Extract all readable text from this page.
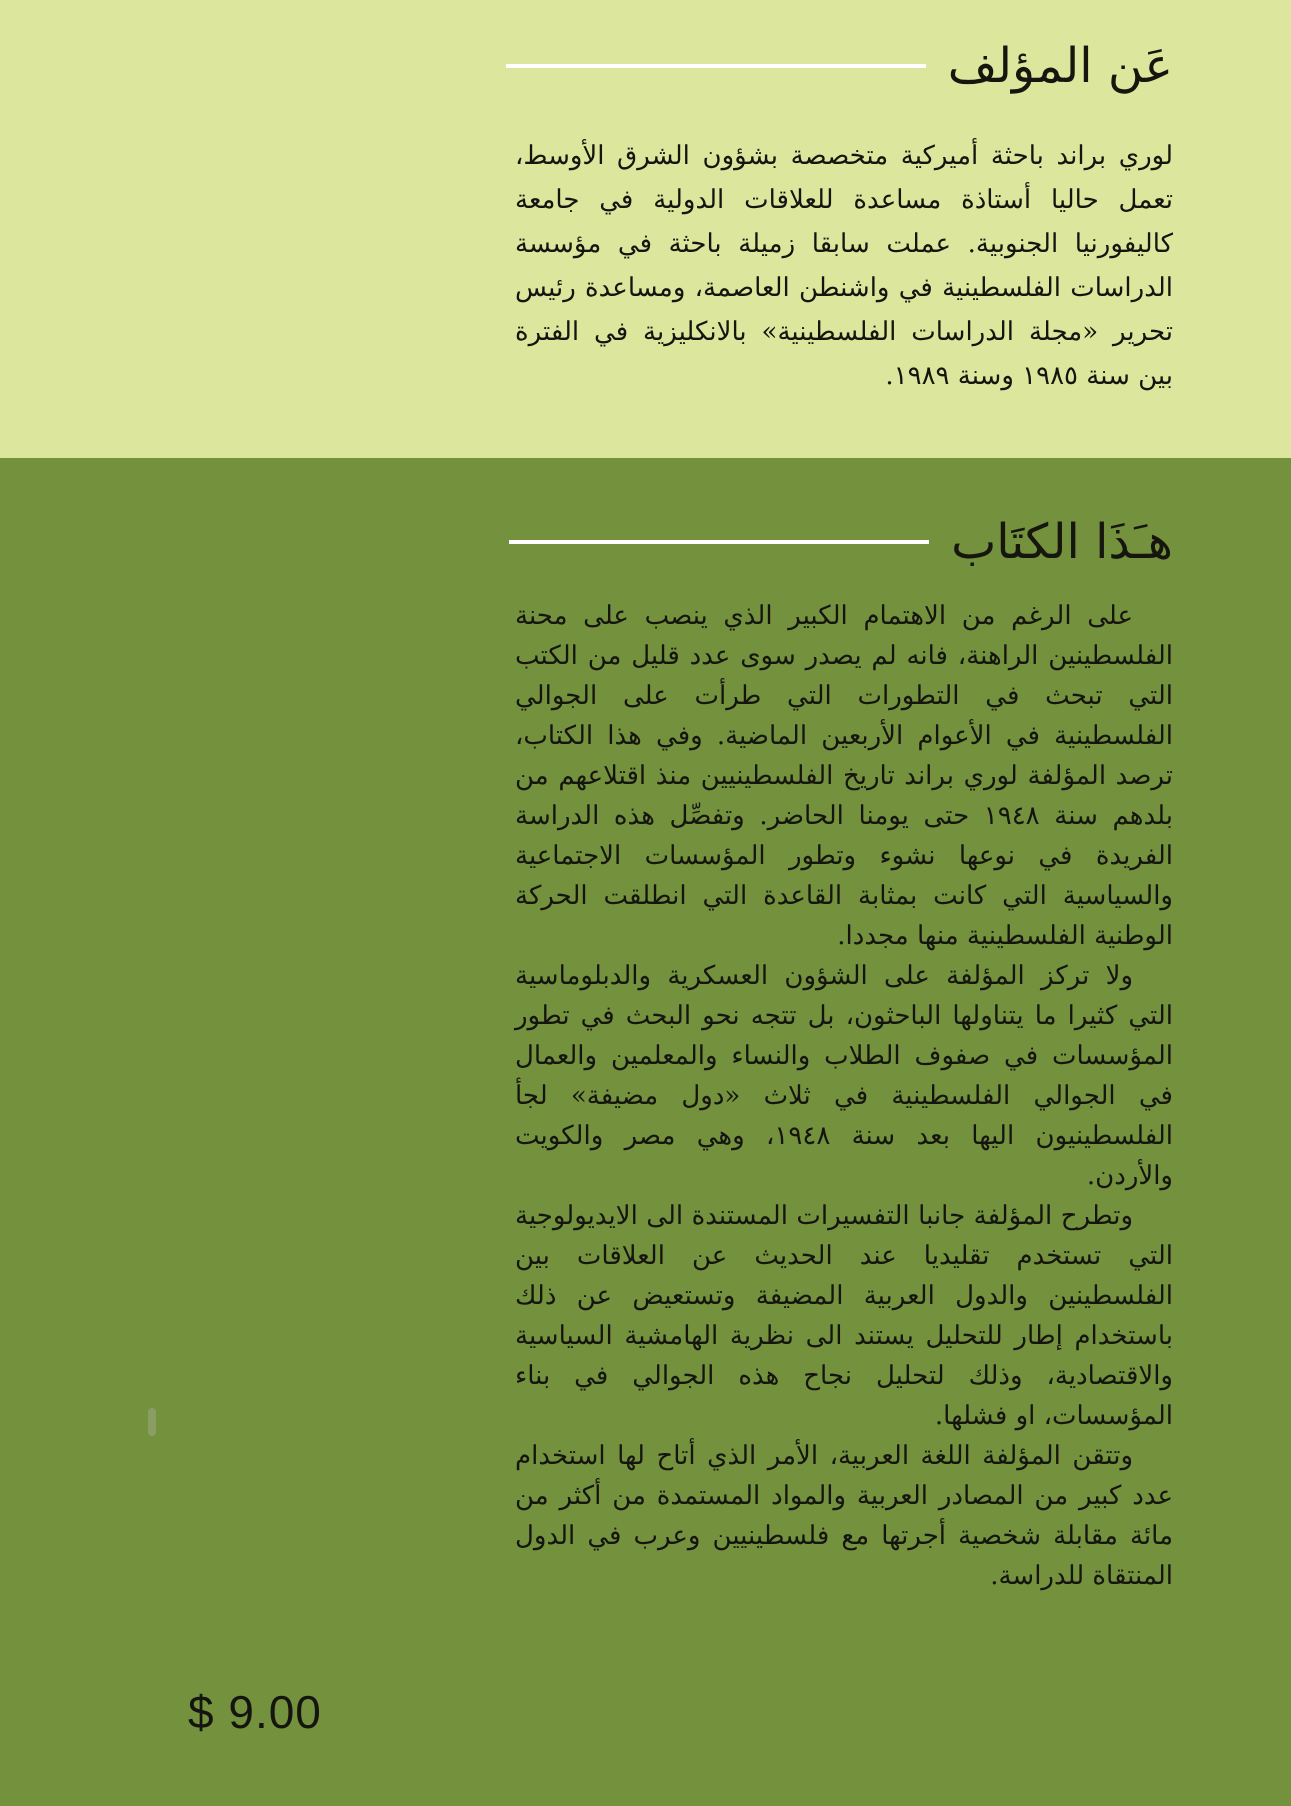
عَن المؤلف
لوري براند باحثة أميركية متخصصة بشؤون الشرق الأوسط، تعمل حاليا أستاذة مساعدة للعلاقات الدولية في جامعة كاليفورنيا الجنوبية. عملت سابقا زميلة باحثة في مؤسسة الدراسات الفلسطينية في واشنطن العاصمة، ومساعدة رئيس تحرير «مجلة الدراسات الفلسطينية» بالانكليزية في الفترة بين سنة ١٩٨٥ وسنة ١٩٨٩.
هـَذَا الكتَاب

على الرغم من الاهتمام الكبير الذي ينصب على محنة الفلسطينين الراهنة، فانه لم يصدر سوى عدد قليل من الكتب التي تبحث في التطورات التي طرأت على الجوالي الفلسطينية في الأعوام الأربعين الماضية. وفي هذا الكتاب، ترصد المؤلفة لوري براند تاريخ الفلسطينيين منذ اقتلاعهم من بلدهم سنة ١٩٤٨ حتى يومنا الحاضر. وتفصِّل هذه الدراسة الفريدة في نوعها نشوء وتطور المؤسسات الاجتماعية والسياسية التي كانت بمثابة القاعدة التي انطلقت الحركة الوطنية الفلسطينية منها مجددا.

ولا تركز المؤلفة على الشؤون العسكرية والدبلوماسية التي كثيرا ما يتناولها الباحثون، بل تتجه نحو البحث في تطور المؤسسات في صفوف الطلاب والنساء والمعلمين والعمال في الجوالي الفلسطينية في ثلاث «دول مضيفة» لجأ الفلسطينيون اليها بعد سنة ١٩٤٨، وهي مصر والكويت والأردن.

وتطرح المؤلفة جانبا التفسيرات المستندة الى الايديولوجية التي تستخدم تقليديا عند الحديث عن العلاقات بين الفلسطينين والدول العربية المضيفة وتستعيض عن ذلك باستخدام إطار للتحليل يستند الى نظرية الهامشية السياسية والاقتصادية، وذلك لتحليل نجاح هذه الجوالي في بناء المؤسسات، او فشلها.

وتتقن المؤلفة اللغة العربية، الأمر الذي أتاح لها استخدام عدد كبير من المصادر العربية والمواد المستمدة من أكثر من مائة مقابلة شخصية أجرتها مع فلسطينيين وعرب في الدول المنتقاة للدراسة.

$ 9.00
